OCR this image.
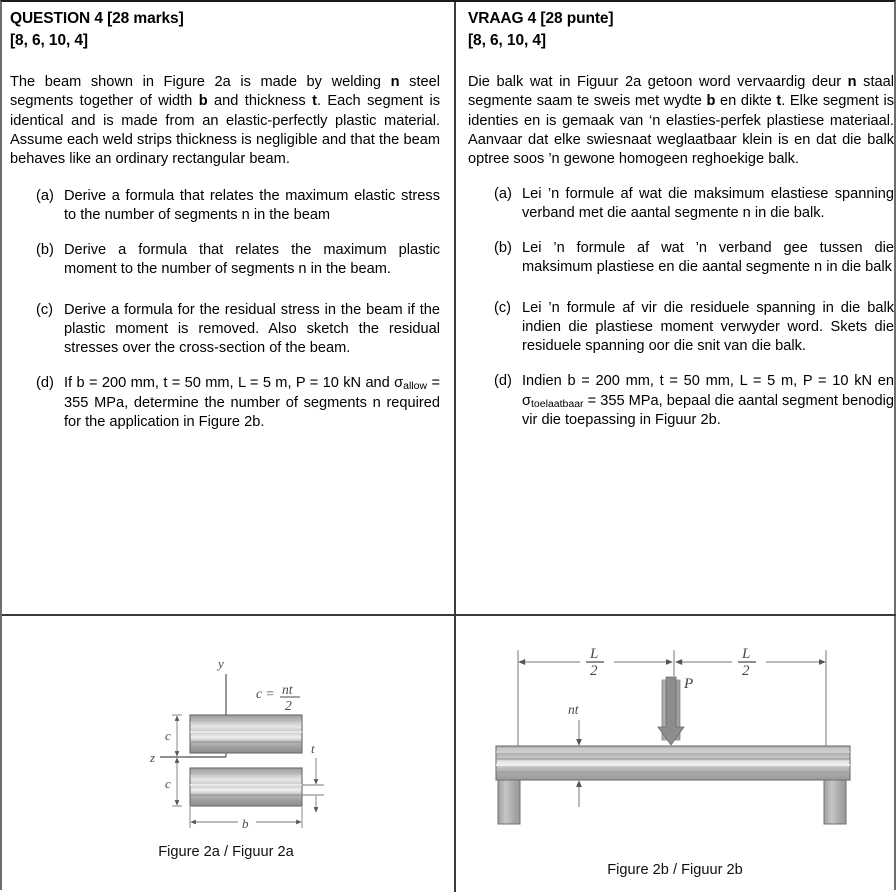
QUESTION 4 [28 marks]
[8, 6, 10, 4]

The beam shown in Figure 2a is made by welding n steel segments together of width b and thickness t. Each segment is identical and is made from an elastic-perfectly plastic material. Assume each weld strips thickness is negligible and that the beam behaves like an ordinary rectangular beam.

(a) Derive a formula that relates the maximum elastic stress to the number of segments n in the beam
(b) Derive a formula that relates the maximum plastic moment to the number of segments n in the beam.
(c) Derive a formula for the residual stress in the beam if the plastic moment is removed. Also sketch the residual stresses over the cross-section of the beam.
(d) If b = 200 mm, t = 50 mm, L = 5 m, P = 10 kN and σallow = 355 MPa, determine the number of segments n required for the application in Figure 2b.
VRAAG 4 [28 punte]
[8, 6, 10, 4]

Die balk wat in Figuur 2a getoon word vervaardig deur n staal segmente saam te sweis met wydte b en dikte t. Elke segment is identies en is gemaak van ‘n elasties-perfek plastiese materiaal. Aanvaar dat elke swiesnaat weglaatbaar klein is en dat die balk optree soos ’n gewone homogeen reghoekige balk.

(a) Lei ’n formule af wat die maksimum elastiese spanning verband met die aantal segmente n in die balk.
(b) Lei ’n formule af wat ’n verband gee tussen die maksimum plastiese en die aantal segmente n in die balk
(c) Lei ’n formule af vir die residuele spanning in die balk indien die plastiese moment verwyder word. Skets die residuele spanning oor die snit van die balk.
(d) Indien b = 200 mm, t = 50 mm, L = 5 m, P = 10 kN en σtoelaatbaar = 355 MPa, bepaal die aantal segment benodig vir die toepassing in Figuur 2b.
y
z
c
c
t
b
c = nt
2
Figure 2a / Figuur 2a
L
2
L
2
P
nt
Figure 2b / Figuur 2b
